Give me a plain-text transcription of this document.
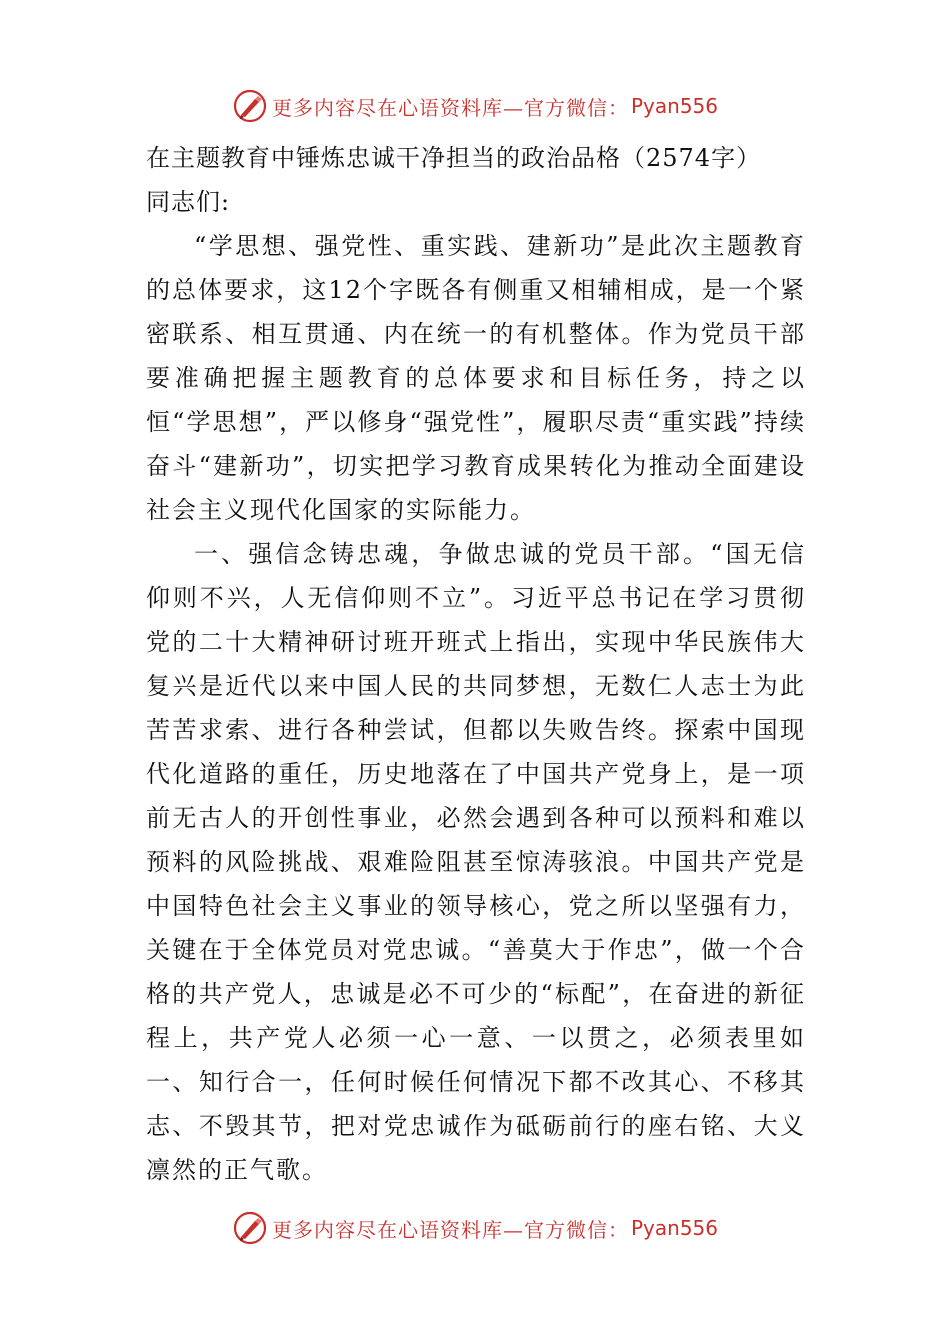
更多内容尽在心语资料库—官方微信： Pyan556

在主题教育中锤炼忠诚干净担当的政治品格（2574字）

同志们:

“学思想、强党性、重实践、建新功”是此次主题教育的总体要求，这12个字既各有侧重又相辅相成，是一个紧密联系、相互贯通、内在统一的有机整体。作为党员干部要准确把握主题教育的总体要求和目标任务，持之以恒“学思想”，严以修身“强党性”，履职尽责“重实践”持续奋斗“建新功”，切实把学习教育成果转化为推动全面建设社会主义现代化国家的实际能力。

一、强信念铸忠魂，争做忠诚的党员干部。“国无信仰则不兴，人无信仰则不立”。习近平总书记在学习贯彻党的二十大精神研讨班开班式上指出，实现中华民族伟大复兴是近代以来中国人民的共同梦想，无数仁人志士为此苦苦求索、进行各种尝试，但都以失败告终。探索中国现代化道路的重任，历史地落在了中国共产党身上，是一项前无古人的开创性事业，必然会遇到各种可以预料和难以预料的风险挑战、艰难险阻甚至惊涛骇浪。中国共产党是中国特色社会主义事业的领导核心，党之所以坚强有力，关键在于全体党员对党忠诚。“善莫大于作忠”，做一个合格的共产党人，忠诚是必不可少的“标配”，在奋进的新征程上，共产党人必须一心一意、一以贯之，必须表里如一、知行合一，任何时候任何情况下都不改其心、不移其志、不毁其节，把对党忠诚作为砥砺前行的座右铭、大义凛然的正气歌。

更多内容尽在心语资料库—官方微信： Pyan556
